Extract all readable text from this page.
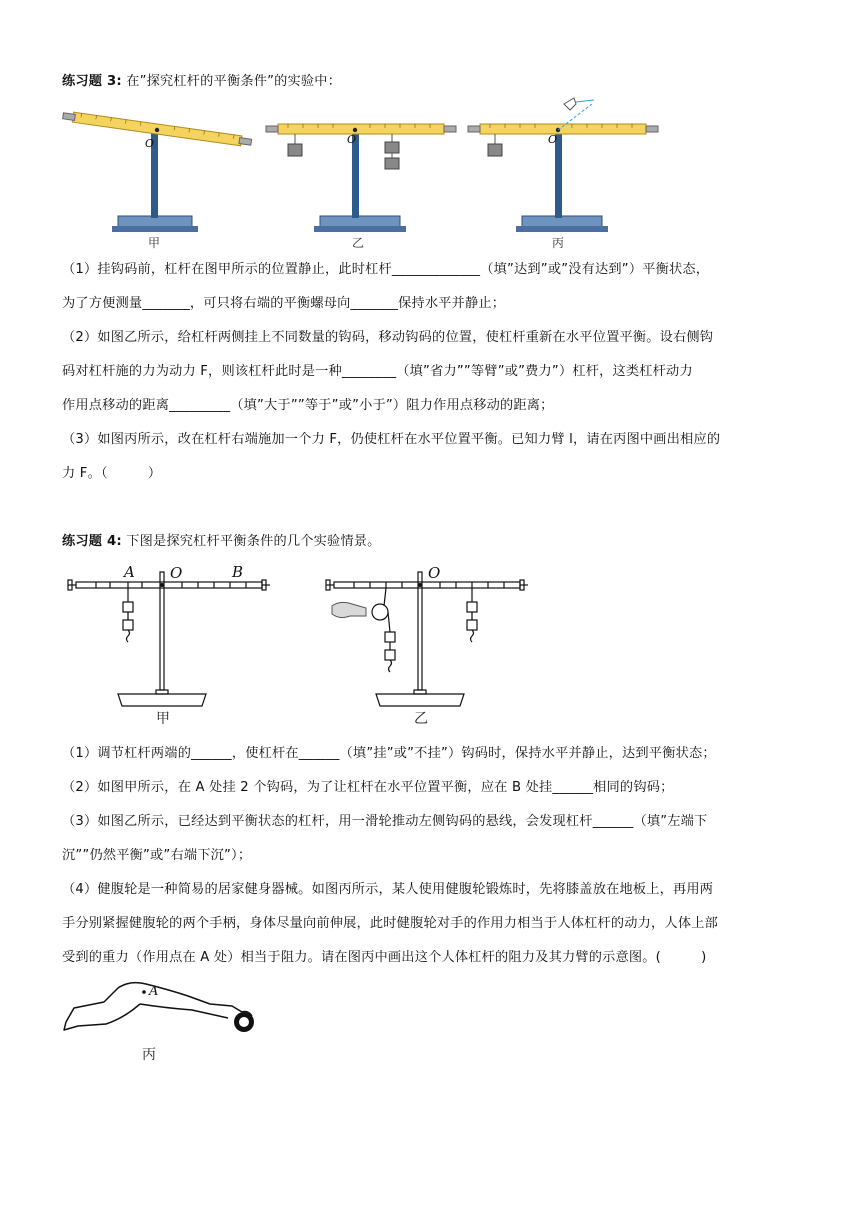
练习题 3: 在”探究杠杆的平衡条件”的实验中：
O
甲
O
乙
O
丙
（1）挂钩码前，杠杆在图甲所示的位置静止，此时杠杆_____________（填”达到”或”没有达到”）平衡状态，
为了方便测量_______，可只将右端的平衡螺母向_______保持水平并静止；
（2）如图乙所示，给杠杆两侧挂上不同数量的钩码，移动钩码的位置，使杠杆重新在水平位置平衡。设右侧钩
码对杠杆施的力为动力 F，则该杠杆此时是一种________（填”省力””等臂”或”费力”）杠杆，这类杠杆动力
作用点移动的距离_________（填”大于””等于”或”小于”）阻力作用点移动的距离；
（3）如图丙所示，改在杠杆右端施加一个力 F，仍使杠杆在水平位置平衡。已知力臂 l，请在丙图中画出相应的
力 F。（　　　）
练习题 4: 下图是探究杠杆平衡条件的几个实验情景。
A O	B
甲
O
乙
（1）调节杠杆两端的______，使杠杆在______（填”挂”或”不挂”）钩码时，保持水平并静止，达到平衡状态；
（2）如图甲所示，在 A 处挂 2 个钩码，为了让杠杆在水平位置平衡，应在 B 处挂______相同的钩码；
（3）如图乙所示，已经达到平衡状态的杠杆，用一滑轮推动左侧钩码的悬线，会发现杠杆______（填”左端下
沉””仍然平衡”或”右端下沉”）；
（4）健腹轮是一种简易的居家健身器械。如图丙所示，某人使用健腹轮锻炼时，先将膝盖放在地板上，再用两
手分别紧握健腹轮的两个手柄，身体尽量向前伸展，此时健腹轮对手的作用力相当于人体杠杆的动力，人体上部
受到的重力（作用点在 A 处）相当于阻力。请在图丙中画出这个人体杠杆的阻力及其力臂的示意图。(　　　)
A
丙
